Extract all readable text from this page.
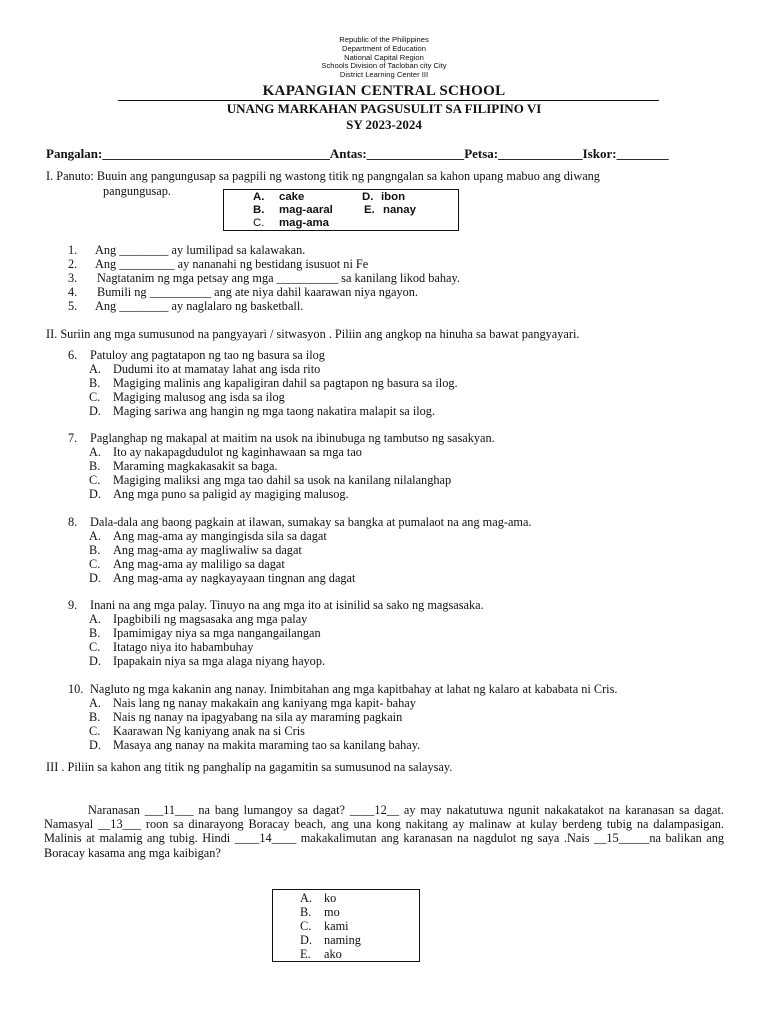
Republic of the Philippines
Department of Education
National Capital Region
Schools Division of Tacloban city City
District Learning Center III
KAPANGIAN CENTRAL SCHOOL
UNANG MARKAHAN PAGSUSULIT SA FILIPINO VI
SY 2023-2024
Pangalan:___________________________________Antas:_______________Petsa:_____________Iskor:________
I. Panuto: Buuin ang pangungusap sa pagpili ng wastong titik ng pangngalan sa kahon upang mabuo ang diwang
pangungusap.	A. cake	D. ibon
B. mag-aaral	E. nanay
C. mag-ama
1. Ang ________ ay lumilipad sa kalawakan.
2. Ang _________ ay nananahi ng bestidang isusuot ni Fe
3. Nagtatanim ng mga petsay ang mga __________ sa kanilang likod bahay.
4. Bumili ng __________ ang ate niya dahil kaarawan niya ngayon.
5. Ang ________ ay naglalaro ng basketball.
II. Suriin ang mga sumusunod na pangyayari / sitwasyon . Piliin ang angkop na hinuha sa bawat pangyayari.
6. Patuloy ang pagtatapon ng tao ng basura sa ilog
A. Dudumi ito at mamatay lahat ang isda rito
B. Magiging malinis ang kapaligiran dahil sa pagtapon ng basura sa ilog.
C. Magiging malusog ang isda sa ilog
D. Maging sariwa ang hangin ng mga taong nakatira malapit sa ilog.
7. Paglanghap ng makapal at maitim na usok na ibinubuga ng tambutso ng sasakyan.
A. Ito ay nakapagdudulot ng kaginhawaan sa mga tao
B. Maraming magkakasakit sa baga.
C. Magiging maliksi ang mga tao dahil sa usok na kanilang nilalanghap
D. Ang mga puno sa paligid ay magiging malusog.
8. Dala-dala ang baong pagkain at ilawan, sumakay sa bangka at pumalaot na ang mag-ama.
A. Ang mag-ama ay mangingisda sila sa dagat
B. Ang mag-ama ay magliwaliw sa dagat
C. Ang mag-ama ay maliligo sa dagat
D. Ang mag-ama ay nagkayayaan tingnan ang dagat
9. Inani na ang mga palay. Tinuyo na ang mga ito at isinilid sa sako ng magsasaka.
A. Ipagbibili ng magsasaka ang mga palay
B. Ipamimigay niya sa mga nangangailangan
C. Itatago niya ito habambuhay
D. Ipapakain niya sa mga alaga niyang hayop.
10. Nagluto ng mga kakanin ang nanay. Inimbitahan ang mga kapitbahay at lahat ng kalaro at kababata ni Cris.
A. Nais lang ng nanay makakain ang kaniyang mga kapit- bahay
B. Nais ng nanay na ipagyabang na sila ay maraming pagkain
C. Kaarawan Ng kaniyang anak na si Cris
D. Masaya ang nanay na makita maraming tao sa kanilang bahay.
III . Piliin sa kahon ang titik ng panghalip na gagamitin sa sumusunod na salaysay.

Naranasan ___11___ na bang lumangoy sa dagat? ____12__ ay may nakatutuwa ngunit nakakatakot na karanasan sa dagat. Namasyal __13___ roon sa dinarayong Boracay beach, ang una kong nakitang ay malinaw at kulay berdeng tubig na dalampasigan. Malinis at malamig ang tubig. Hindi ____14____ makakalimutan ang karanasan na nagdulot ng saya .Nais __15_____na balikan ang Boracay kasama ang mga kaibigan?

A. ko
B. mo
C. kami
D. naming
E. ako
